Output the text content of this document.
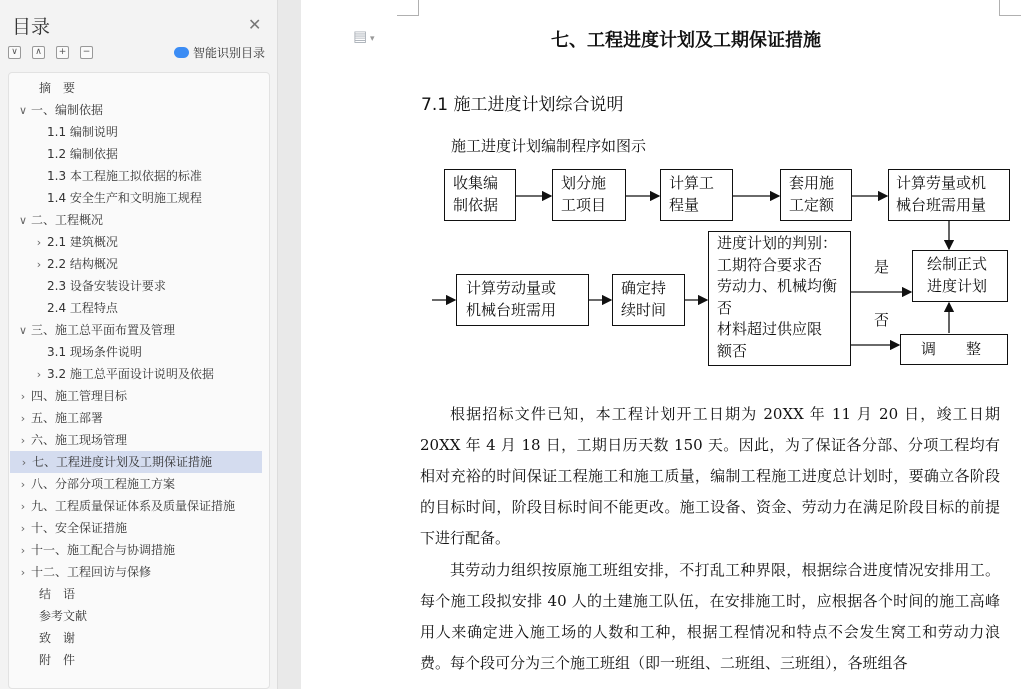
目录	✕
∨	∧	+	−	智能识别目录
摘　要
∨ 一、编制依据
1.1 编制说明
1.2 编制依据
1.3 本工程施工拟依据的标准
1.4 安全生产和文明施工规程
∨ 二、工程概况
› 2.1 建筑概况
› 2.2 结构概况
2.3 设备安装设计要求
2.4 工程特点
∨ 三、施工总平面布置及管理
3.1 现场条件说明
› 3.2 施工总平面设计说明及依据
› 四、施工管理目标
› 五、施工部署
› 六、施工现场管理
› 七、工程进度计划及工期保证措施
› 八、分部分项工程施工方案
› 九、工程质量保证体系及质量保证措施
› 十、安全保证措施
› 十一、施工配合与协调措施
› 十二、工程回访与保修
结　语
参考文献
致　谢
附　件
▤ ▾	七、工程进度计划及工期保证措施
7.1 施工进度计划综合说明
施工进度计划编制程序如图示
收集编
制依据
划分施
工项目
计算工
程量
套用施
工定额
计算劳量或机
械台班需用量
计算劳动量或
机械台班需用
确定持
续时间
进度计划的判别：
工期符合要求否
劳动力、机械均衡
否
材料超过供应限
额否
绘制正式
进度计划
调　　整
是
否

根据招标文件已知，本工程计划开工日期为 20XX 年 11 月 20 日，竣工日期 20XX 年 4 月 18 日，工期日历天数 150 天。因此，为了保证各分部、分项工程均有相对充裕的时间保证工程施工和施工质量，编制工程施工进度总计划时，要确立各阶段的目标时间，阶段目标时间不能更改。施工设备、资金、劳动力在满足阶段目标的前提下进行配备。

其劳动力组织按原施工班组安排，不打乱工种界限，根据综合进度情况安排用工。每个施工段拟安排 40 人的土建施工队伍，在安排施工时，应根据各个时间的施工高峰用人来确定进入施工场的人数和工种，根据工程情况和特点不会发生窝工和劳动力浪费。每个段可分为三个施工班组（即一班组、二班组、三班组），各班组各
